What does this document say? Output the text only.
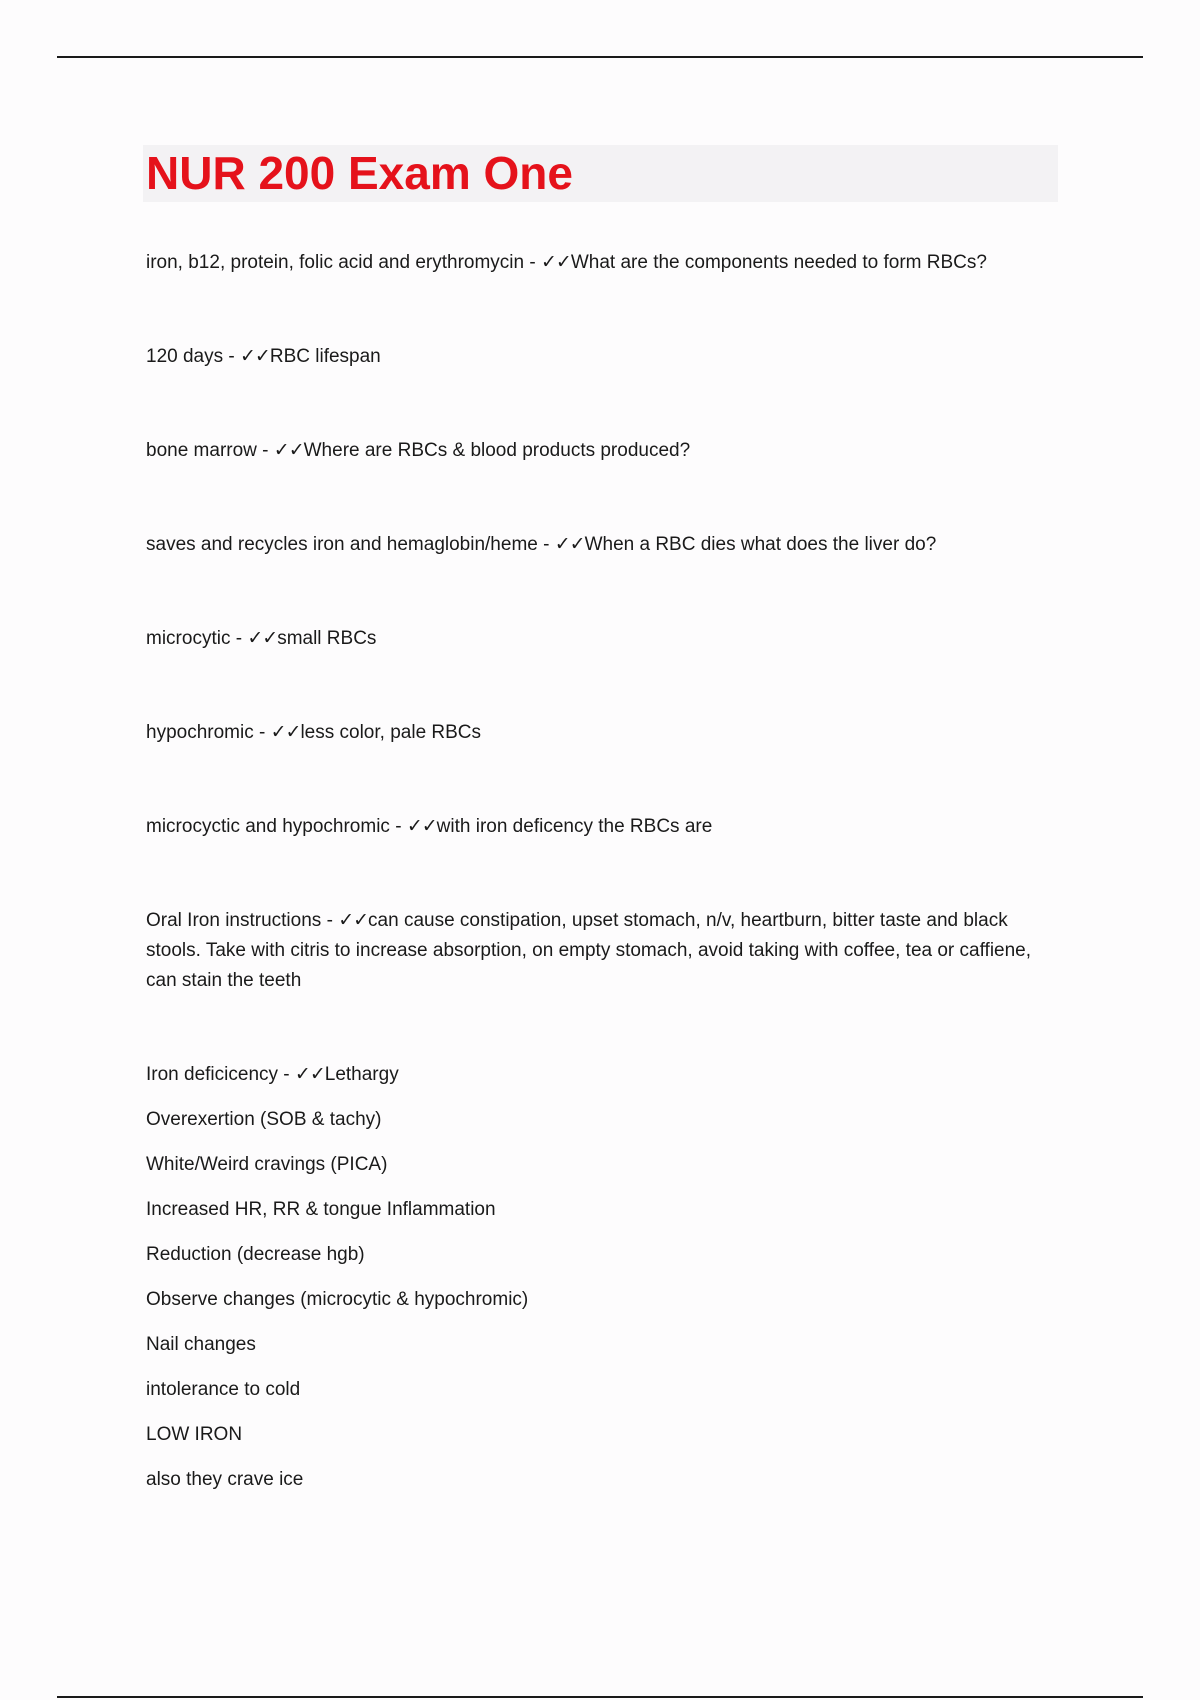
NUR 200 Exam One
iron, b12, protein, folic acid and erythromycin - ✓✓What are the components needed to form RBCs?
120 days - ✓✓RBC lifespan
bone marrow - ✓✓Where are RBCs & blood products produced?
saves and recycles iron and hemaglobin/heme - ✓✓When a RBC dies what does the liver do?
microcytic - ✓✓small RBCs
hypochromic - ✓✓less color, pale RBCs
microcyctic and hypochromic - ✓✓with iron deficency the RBCs are
Oral Iron instructions - ✓✓can cause constipation, upset stomach, n/v, heartburn, bitter taste and black stools. Take with citris to increase absorption, on empty stomach, avoid taking with coffee, tea or caffiene, can stain the teeth
Iron deficicency - ✓✓Lethargy
Overexertion (SOB & tachy)
White/Weird cravings (PICA)
Increased HR, RR & tongue Inflammation
Reduction (decrease hgb)
Observe changes (microcytic & hypochromic)
Nail changes
intolerance to cold
LOW IRON
also they crave ice
